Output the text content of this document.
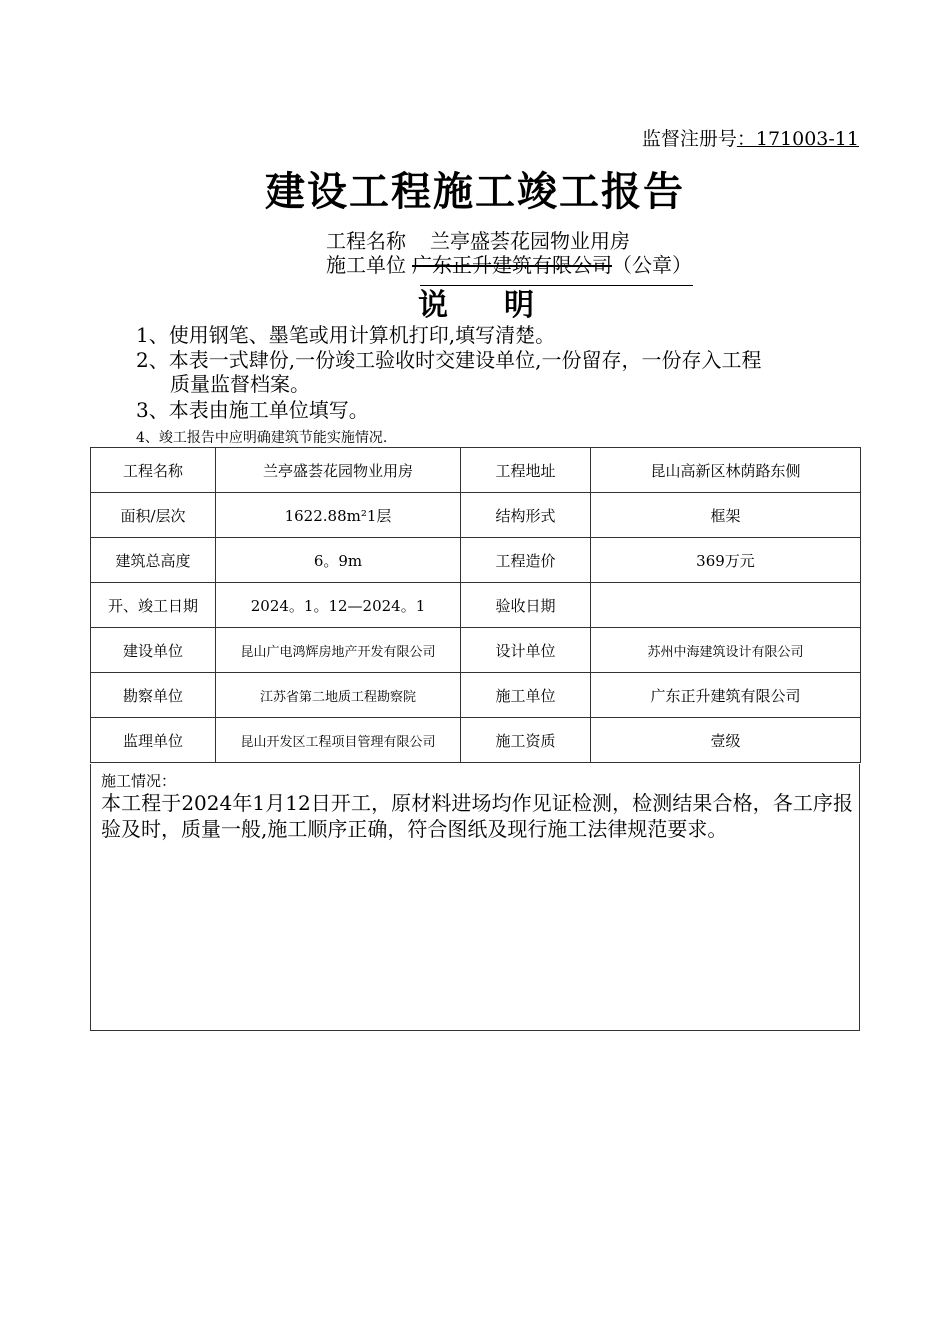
监督注册号：171003-11
建设工程施工竣工报告
工程名称 兰亭盛荟花园物业用房
施工单位 广东正升建筑有限公司（公章）
说 明
1、使用钢笔、墨笔或用计算机打印,填写清楚。
2、本表一式肆份,一份竣工验收时交建设单位,一份留存，一份存入工程
质量监督档案。
3、本表由施工单位填写。
4、竣工报告中应明确建筑节能实施情况.
工程名称	兰亭盛荟花园物业用房	工程地址	昆山高新区林荫路东侧
面积/层次	1622.88m²1层	结构形式	框架
建筑总高度	6。9m	工程造价	369万元
开、竣工日期	2024。1。12—2024。1	验收日期	
建设单位	昆山广电鸿辉房地产开发有限公司	设计单位	苏州中海建筑设计有限公司
勘察单位	江苏省第二地质工程勘察院	施工单位	广东正升建筑有限公司
监理单位	昆山开发区工程项目管理有限公司	施工资质	壹级
施工情况：
本工程于2024年1月12日开工，原材料进场均作见证检测，检测结果合格，各工序报验及时，质量一般,施工顺序正确，符合图纸及现行施工法律规范要求。
